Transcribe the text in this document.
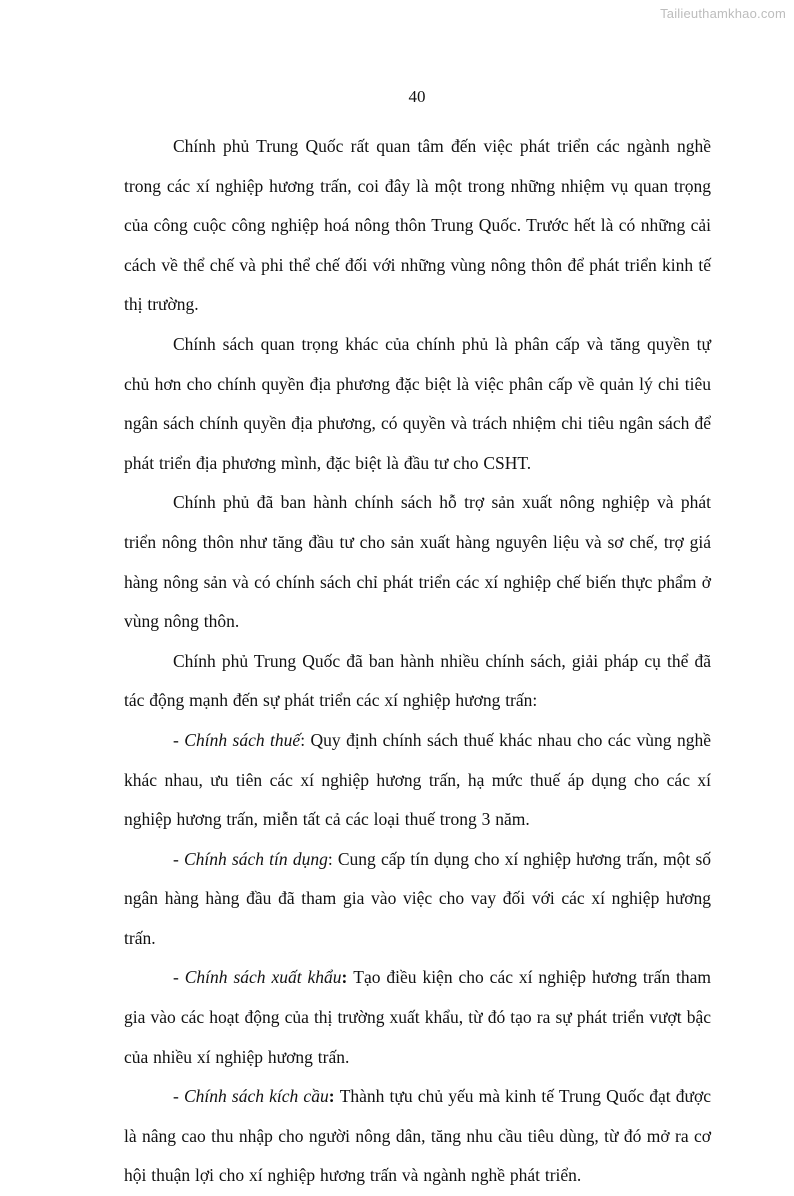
Tailieuthamkhao.com
40

Chính phủ Trung Quốc rất quan tâm đến việc phát triển các ngành nghề trong các xí nghiệp hương trấn, coi đây là một trong những nhiệm vụ quan trọng của công cuộc công nghiệp hoá nông thôn Trung Quốc. Trước hết là có những cải cách về thể chế và phi thể chế đối với những vùng nông thôn để phát triển kinh tế thị trường.

Chính sách quan trọng khác của chính phủ là phân cấp và tăng quyền tự chủ hơn cho chính quyền địa phương đặc biệt là việc phân cấp về quản lý chi tiêu ngân sách chính quyền địa phương, có quyền và trách nhiệm chi tiêu ngân sách để phát triển địa phương mình, đặc biệt là đầu tư cho CSHT.

Chính phủ đã ban hành chính sách hỗ trợ sản xuất nông nghiệp và phát triển nông thôn như tăng đầu tư cho sản xuất hàng nguyên liệu và sơ chế, trợ giá hàng nông sản và có chính sách chỉ phát triển các xí nghiệp chế biến thực phẩm ở vùng nông thôn.

Chính phủ Trung Quốc đã ban hành nhiều chính sách, giải pháp cụ thể đã tác động mạnh đến sự phát triển các xí nghiệp hương trấn:

- Chính sách thuế: Quy định chính sách thuế khác nhau cho các vùng nghề khác nhau, ưu tiên các xí nghiệp hương trấn, hạ mức thuế áp dụng cho các xí nghiệp hương trấn, miễn tất cả các loại thuế trong 3 năm.

- Chính sách tín dụng: Cung cấp tín dụng cho xí nghiệp hương trấn, một số ngân hàng hàng đầu đã tham gia vào việc cho vay đối với các xí nghiệp hương trấn.

- Chính sách xuất khẩu: Tạo điều kiện cho các xí nghiệp hương trấn tham gia vào các hoạt động của thị trường xuất khẩu, từ đó tạo ra sự phát triển vượt bậc của nhiều xí nghiệp hương trấn.

- Chính sách kích cầu: Thành tựu chủ yếu mà kinh tế Trung Quốc đạt được là nâng cao thu nhập cho người nông dân, tăng nhu cầu tiêu dùng, từ đó mở ra cơ hội thuận lợi cho xí nghiệp hương trấn và ngành nghề phát triển.
